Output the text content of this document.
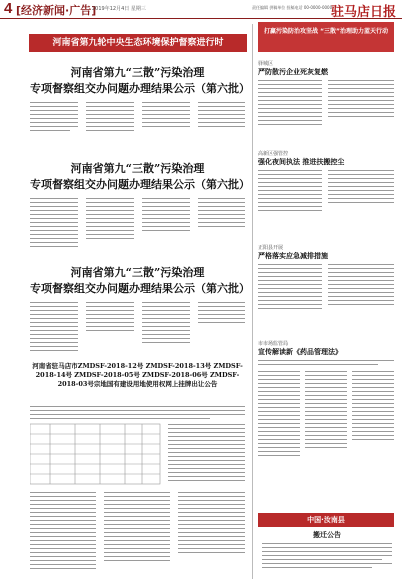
4 [经济新闻·广告]
2019年12月4日 星期三	责任编辑 供稿单位 投稿电话 00-0000-0000
驻马店日报
河南省第九轮中央生态环境保护督察进行时
河南省第九“三散”污染治理
专项督察组交办问题办理结果公示（第六批）
河南省第九“三散”污染治理
专项督察组交办问题办理结果公示（第六批）
河南省第九“三散”污染治理
专项督察组交办问题办理结果公示（第六批）
河南省驻马店市ZMDSF-2018-12号 ZMDSF-2018-13号 ZMDSF-2018-14号 ZMDSF-2018-05号 ZMDSF-2018-06号 ZMDSF-2018-03号宗地国有建设用地使用权网上挂牌出让公告
打赢污染防治攻坚战 “三散”治理助力蓝天行动
驿城区
严防散污企业死灰复燃
高新区强管控
强化夜间执法 推进扶搬控尘
正阳县开展
严格落实应急减排措施
市市场监管局
宣传解读新《药品管理法》
中国·汝南县
搬迁公告
